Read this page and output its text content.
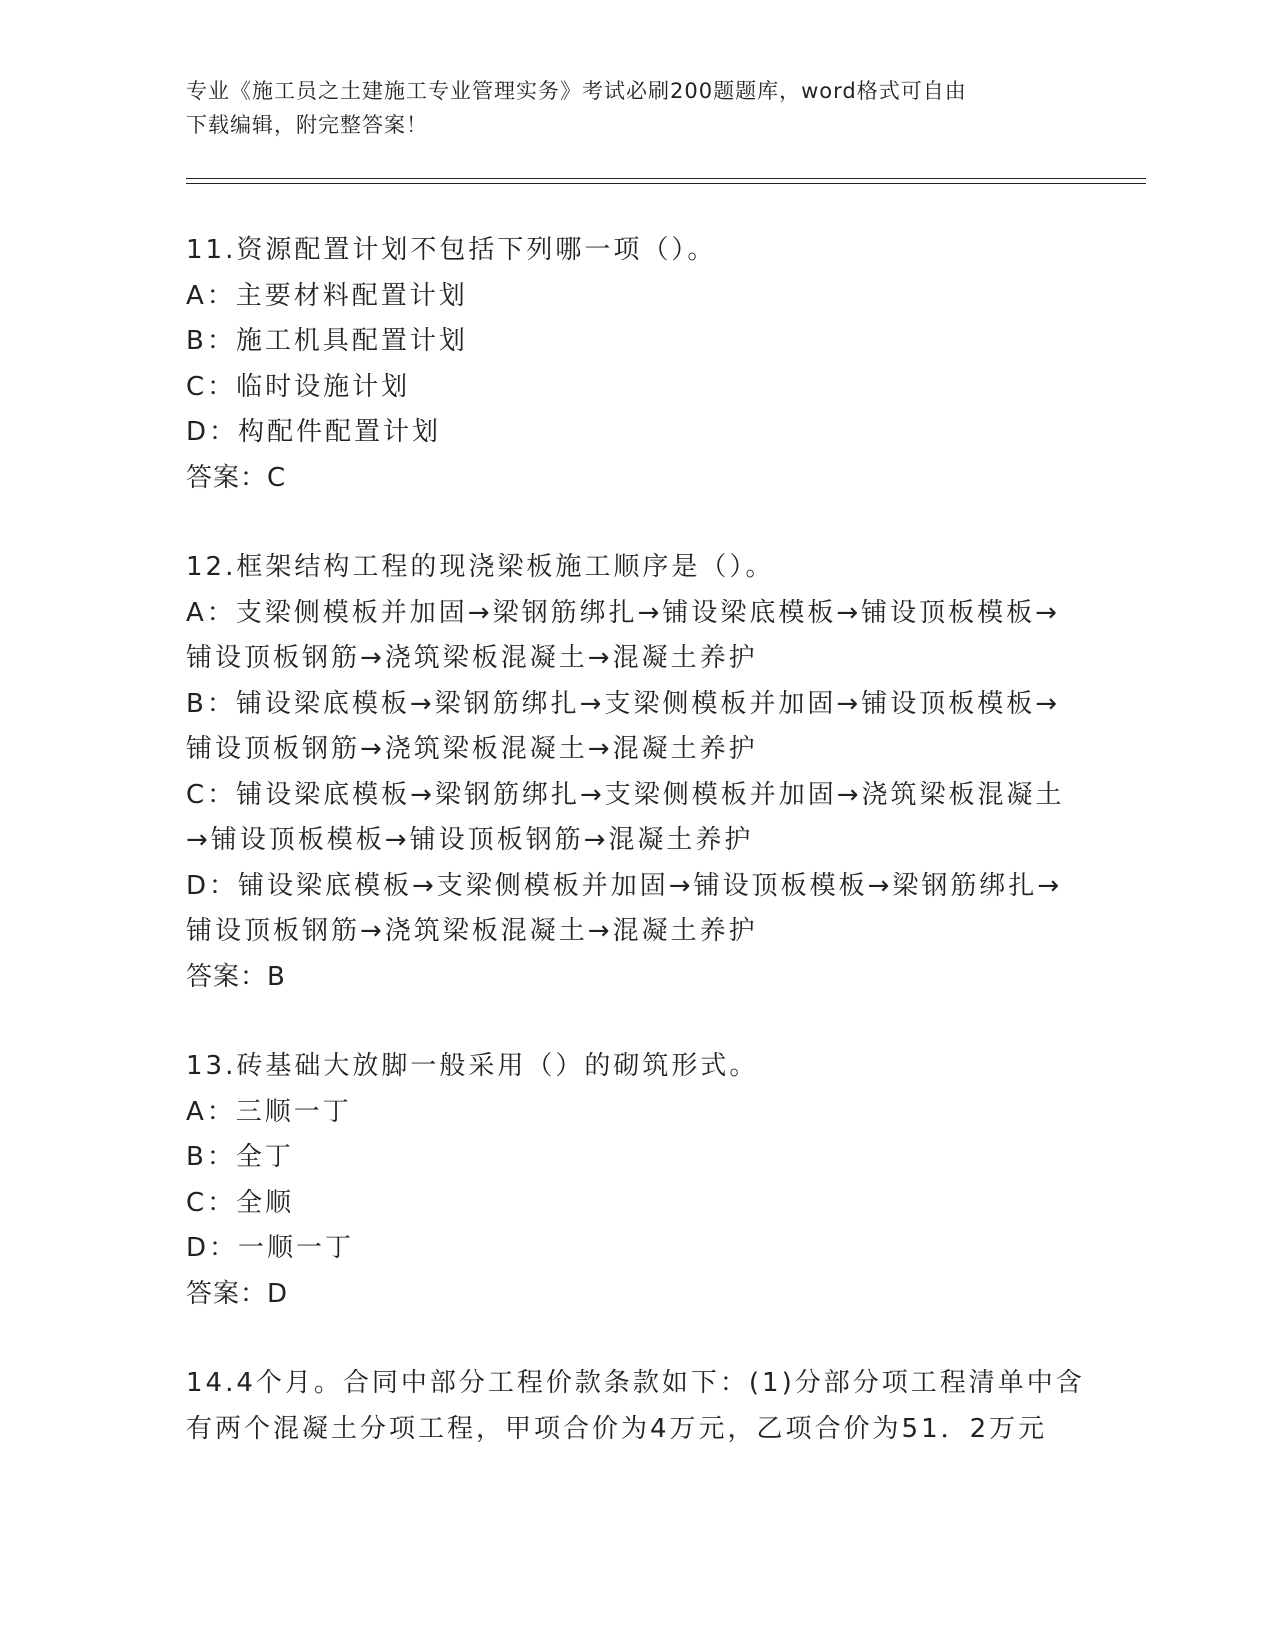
专业《施工员之土建施工专业管理实务》考试必刷200题题库，word格式可自由
下载编辑，附完整答案！
11.资源配置计划不包括下列哪一项（）。
A：主要材料配置计划
B：施工机具配置计划
C：临时设施计划
D：构配件配置计划
答案：C
12.框架结构工程的现浇梁板施工顺序是（）。
A：支梁侧模板并加固→梁钢筋绑扎→铺设梁底模板→铺设顶板模板→铺设顶板钢筋→浇筑梁板混凝土→混凝土养护
B：铺设梁底模板→梁钢筋绑扎→支梁侧模板并加固→铺设顶板模板→铺设顶板钢筋→浇筑梁板混凝土→混凝土养护
C：铺设梁底模板→梁钢筋绑扎→支梁侧模板并加固→浇筑梁板混凝土→铺设顶板模板→铺设顶板钢筋→混凝土养护
D：铺设梁底模板→支梁侧模板并加固→铺设顶板模板→梁钢筋绑扎→铺设顶板钢筋→浇筑梁板混凝土→混凝土养护
答案：B
13.砖基础大放脚一般采用（）的砌筑形式。
A：三顺一丁
B：全丁
C：全顺
D：一顺一丁
答案：D
14.4个月。合同中部分工程价款条款如下：(1)分部分项工程清单中含有两个混凝土分项工程，甲项合价为4万元，乙项合价为51．2万元
